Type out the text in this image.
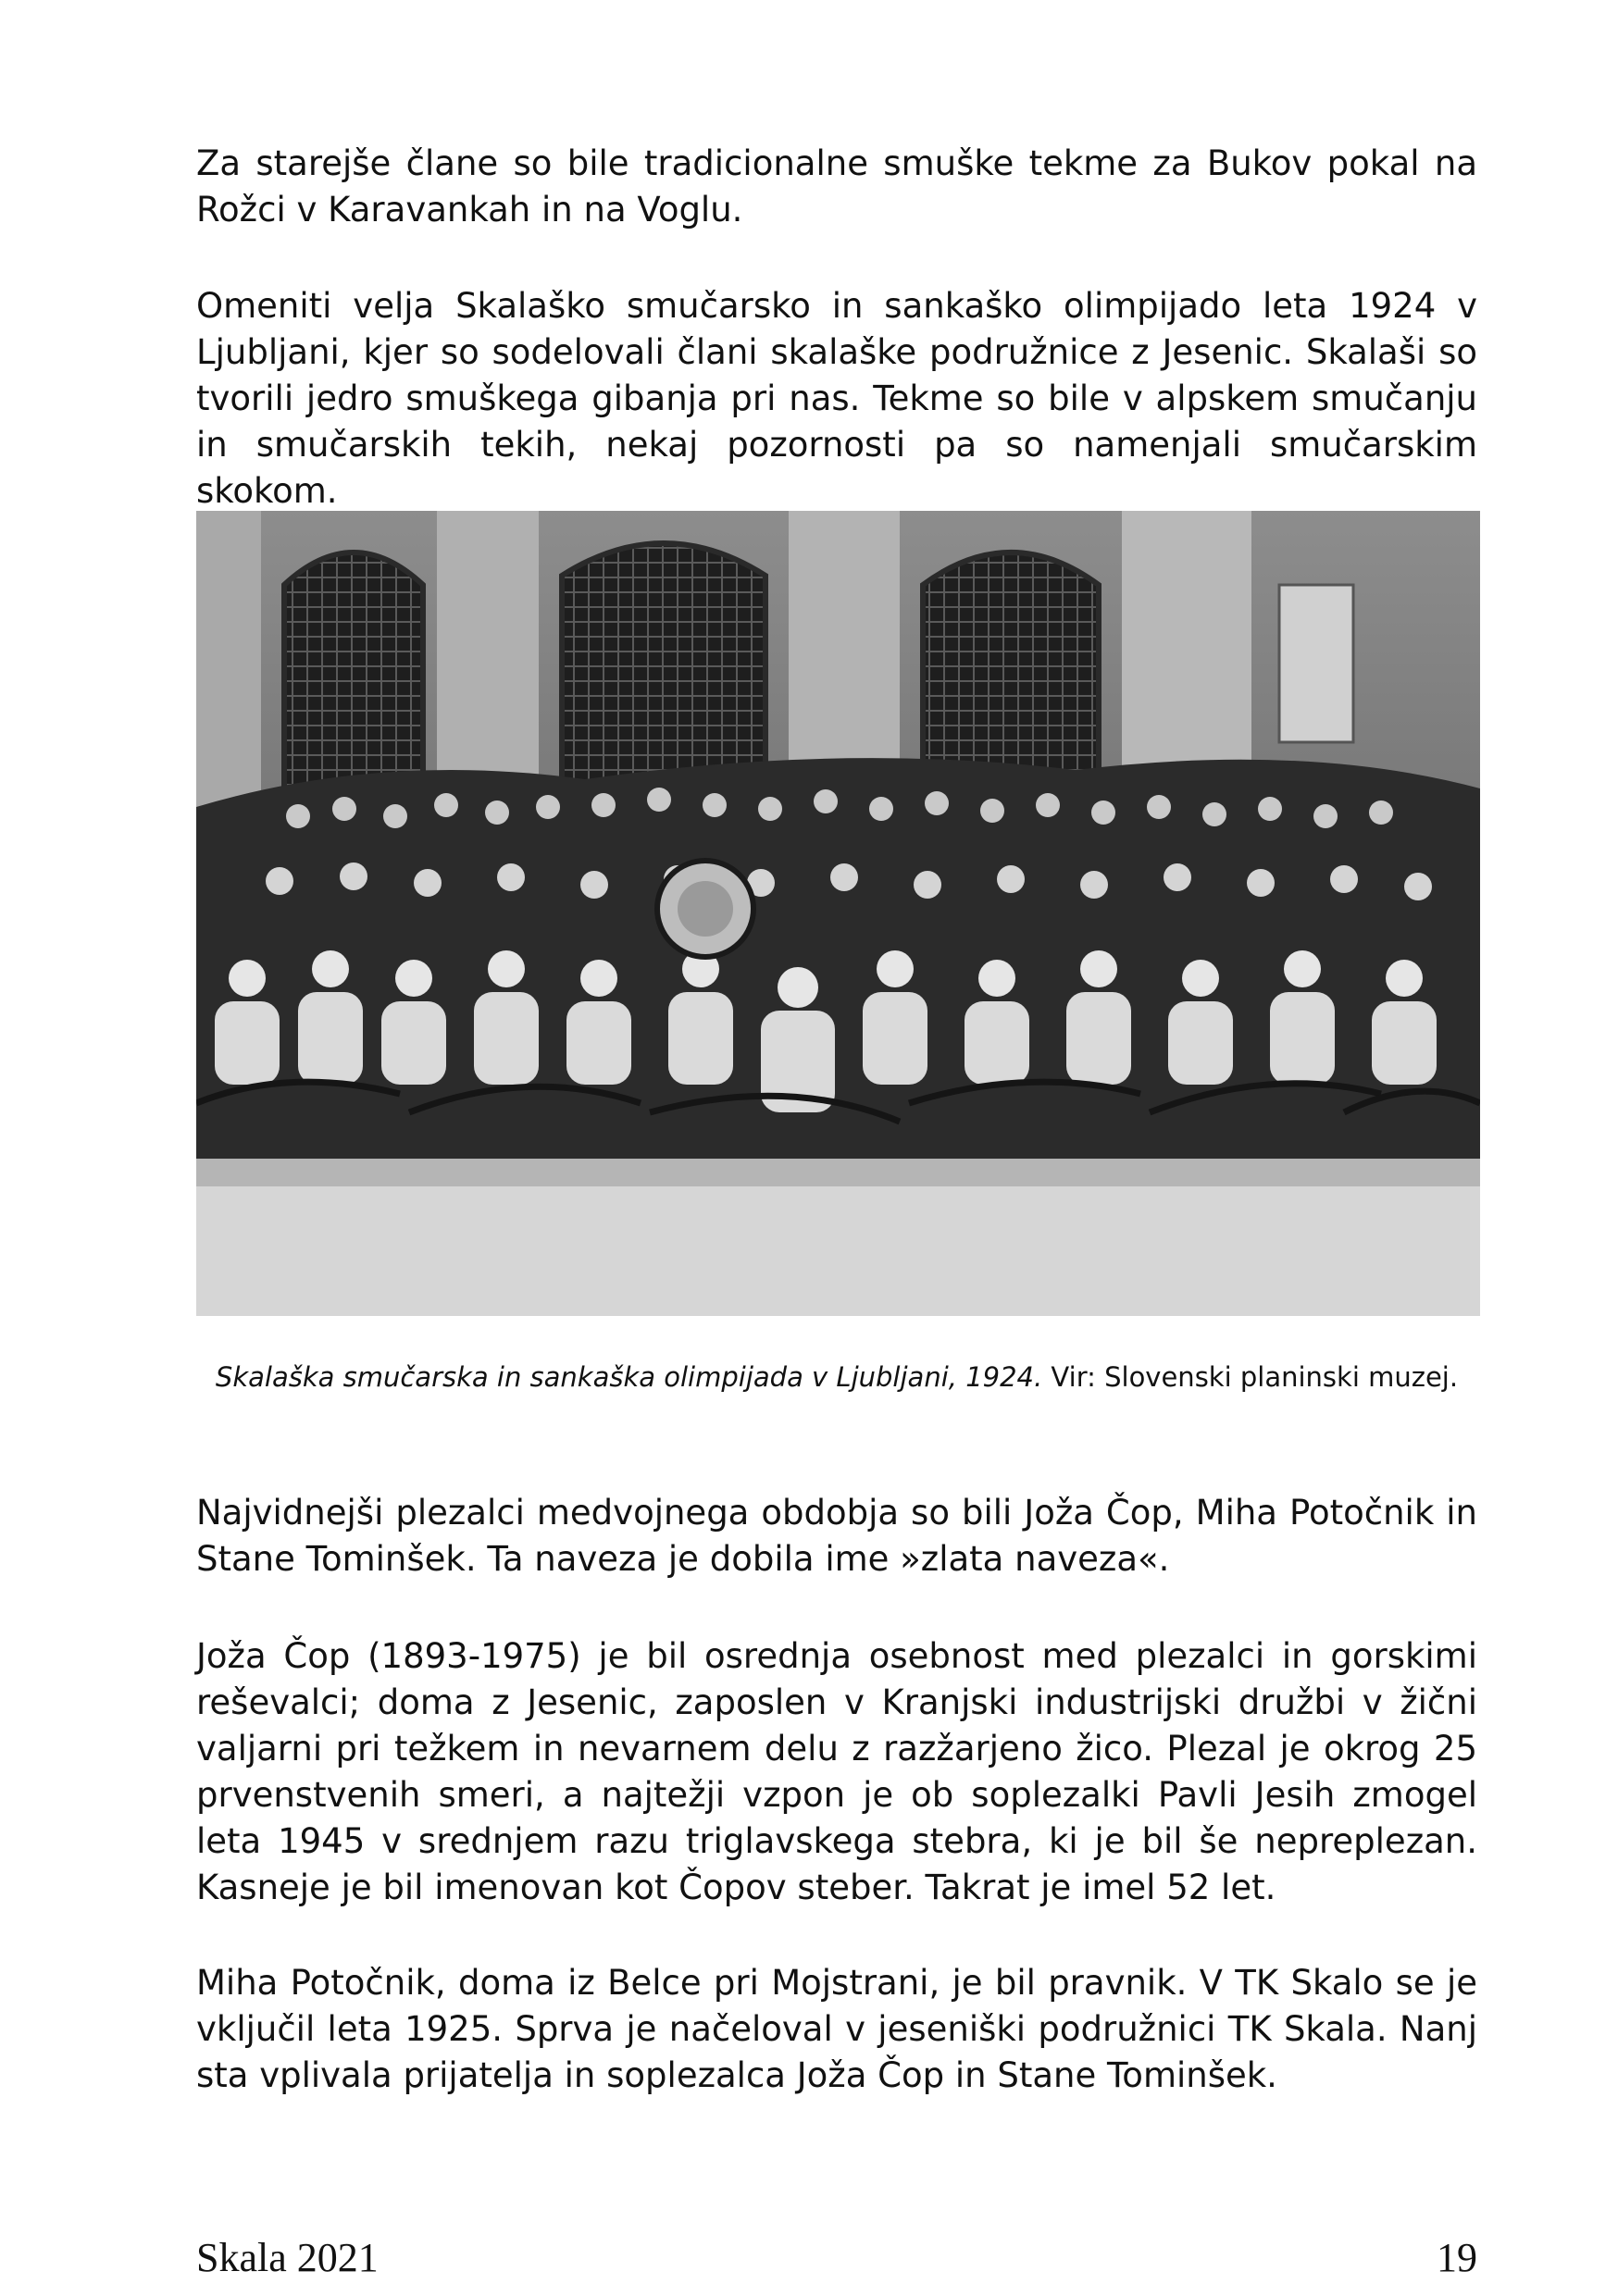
Za starejše člane so bile tradicionalne smuške tekme za Bukov pokal na Rožci v Karavankah in na Voglu.

Omeniti velja Skalaško smučarsko in sankaško olimpijado leta 1924 v Ljubljani, kjer so sodelovali člani skalaške podružnice z Jesenic. Skalaši so tvorili jedro smuškega gibanja pri nas. Tekme so bile v alpskem smučanju in smučarskih tekih, nekaj pozornosti pa so namenjali smučarskim skokom.

Skalaška smučarska in sankaška olimpijada v Ljubljani, 1924. Vir: Slovenski planinski muzej.

Najvidnejši plezalci medvojnega obdobja so bili Joža Čop, Miha Potočnik in Stane Tominšek. Ta naveza je dobila ime »zlata naveza«.

Joža Čop (1893-1975) je bil osrednja osebnost med plezalci in gorskimi reševalci; doma z Jesenic, zaposlen v Kranjski industrijski družbi v žični valjarni pri težkem in nevarnem delu z razžarjeno žico. Plezal je okrog 25 prvenstvenih smeri, a najtežji vzpon je ob soplezalki Pavli Jesih zmogel leta 1945 v srednjem razu triglavskega stebra, ki je bil še nepreplezan. Kasneje je bil imenovan kot Čopov steber. Takrat je imel 52 let.

Miha Potočnik, doma iz Belce pri Mojstrani, je bil pravnik. V TK Skalo se je vključil leta 1925. Sprva je načeloval v jeseniški podružnici TK Skala. Nanj sta vplivala prijatelja in soplezalca Joža Čop in Stane Tominšek.

Skala 2021	19
